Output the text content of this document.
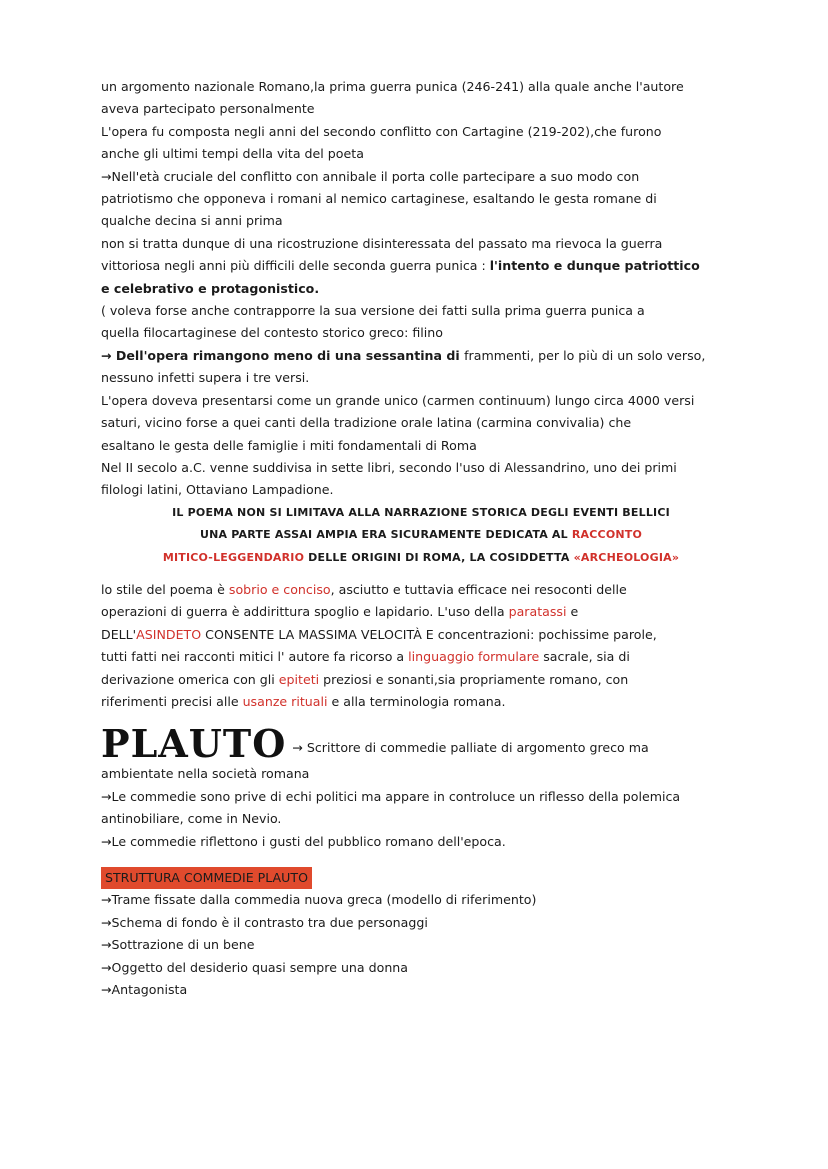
un argomento nazionale Romano,la prima guerra punica (246-241) alla quale anche l'autore
aveva partecipato personalmente
L'opera fu composta negli anni del secondo conflitto con Cartagine (219-202),che furono
anche gli ultimi tempi della vita del poeta
→Nell'età cruciale del conflitto con annibale il porta colle partecipare a suo modo con
patriotismo che opponeva i romani al nemico cartaginese, esaltando le gesta romane di
qualche decina si anni prima
non si tratta dunque di una ricostruzione disinteressata del passato ma rievoca la guerra
vittoriosa negli anni più difficili delle seconda guerra punica : l'intento e dunque patriottico
e celebrativo e protagonistico.
( voleva forse anche contrapporre la sua versione dei fatti sulla prima guerra punica a
quella filocartaginese del contesto storico greco: filino
→ Dell'opera rimangono meno di una sessantina di frammenti, per lo più di un solo verso,
nessuno infetti supera i tre versi.
L'opera doveva presentarsi come un grande unico (carmen continuum) lungo circa 4000 versi
saturi, vicino forse a quei canti della tradizione orale latina (carmina convivalia) che
esaltano le gesta delle famiglie i miti fondamentali di Roma
Nel II secolo a.C. venne suddivisa in sette libri, secondo l'uso di Alessandrino, uno dei primi
filologi latini, Ottaviano Lampadione.
IL POEMA NON SI LIMITAVA ALLA NARRAZIONE STORICA DEGLI EVENTI BELLICI
UNA PARTE ASSAI AMPIA ERA SICURAMENTE DEDICATA AL RACCONTO
MITICO-LEGGENDARIO DELLE ORIGINI DI ROMA, LA COSIDDETTA «ARCHEOLOGIA»
lo stile del poema è sobrio e conciso, asciutto e tuttavia efficace nei resoconti delle
operazioni di guerra è addirittura spoglio e lapidario. L'uso della paratassi e
DELL'ASINDETO CONSENTE LA MASSIMA VELOCITÀ E concentrazioni: pochissime parole,
tutti fatti nei racconti mitici l' autore fa ricorso a linguaggio formulare sacrale, sia di
derivazione omerica con gli epiteti preziosi e sonanti,sia propriamente romano, con
riferimenti precisi alle usanze rituali e alla terminologia romana.
PLAUTO → Scrittore di commedie palliate di argomento greco ma
ambientate nella società romana
→Le commedie sono prive di echi politici ma appare in controluce un riflesso della polemica
antinobiliare, come in Nevio.
→Le commedie riflettono i gusti del pubblico romano dell'epoca.
STRUTTURA COMMEDIE PLAUTO
→Trame fissate dalla commedia nuova greca (modello di riferimento)
→Schema di fondo è il contrasto tra due personaggi
→Sottrazione di un bene
→Oggetto del desiderio quasi sempre una donna
→Antagonista
